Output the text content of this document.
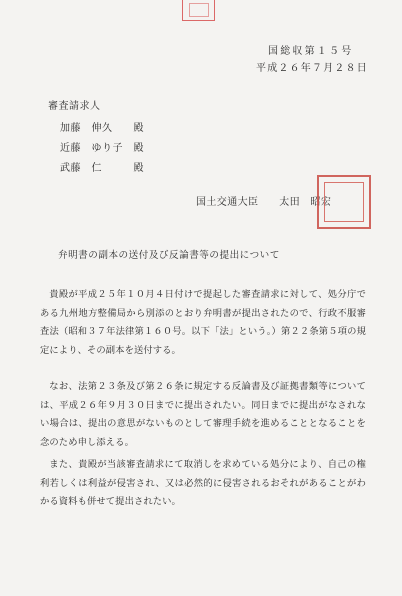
国総収第１５号
平成２６年７月２８日
審査請求人
加藤　伸久　　殿
近藤　ゆり子　殿
武藤　仁　　　殿
国土交通大臣　　 太田　昭宏
弁明書の副本の送付及び反論書等の提出について
貴殿が平成２５年１０月４日付けで提起した審査請求に対して、処分庁である九州地方整備局から別添のとおり弁明書が提出されたので、行政不服審査法（昭和３７年法律第１６０号。以下「法」という。）第２２条第５項の規定により、その副本を送付する。
なお、法第２３条及び第２６条に規定する反論書及び証拠書類等については、平成２６年９月３０日までに提出されたい。同日までに提出がなされない場合は、提出の意思がないものとして審理手続を進めることとなることを念のため申し添える。
また、貴殿が当該審査請求にて取消しを求めている処分により、自己の権利若しくは利益が侵害され、又は必然的に侵害されるおそれがあることがわかる資料も併せて提出されたい。
